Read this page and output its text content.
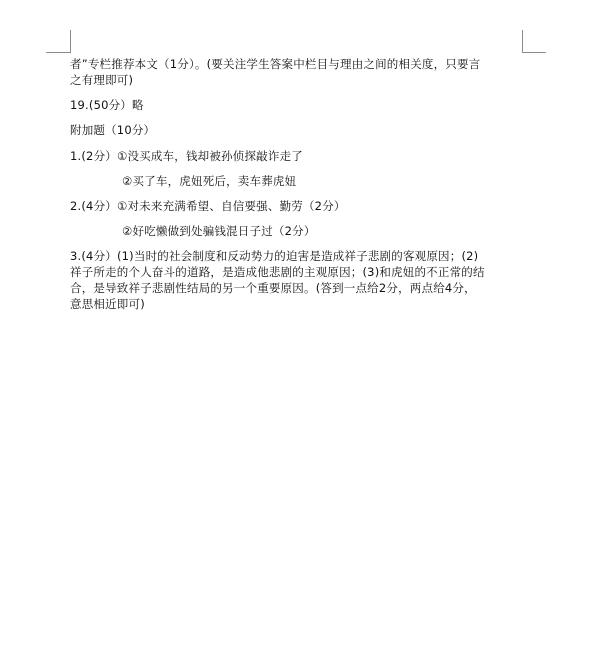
者”专栏推荐本文（1分）。(要关注学生答案中栏目与理由之间的相关度，只要言
之有理即可)
19.(50分）略
附加题（10分）
1.(2分）①没买成车，钱却被孙侦探敲诈走了
②买了车，虎妞死后，卖车葬虎妞
2.(4分）①对未来充满希望、自信要强、勤劳（2分）
②好吃懒做到处骗钱混日子过（2分）
3.(4分）(1)当时的社会制度和反动势力的迫害是造成祥子悲剧的客观原因；(2)
祥子所走的个人奋斗的道路，是造成他悲剧的主观原因；(3)和虎妞的不正常的结
合，是导致祥子悲剧性结局的另一个重要原因。(答到一点给2分，两点给4分，
意思相近即可)
